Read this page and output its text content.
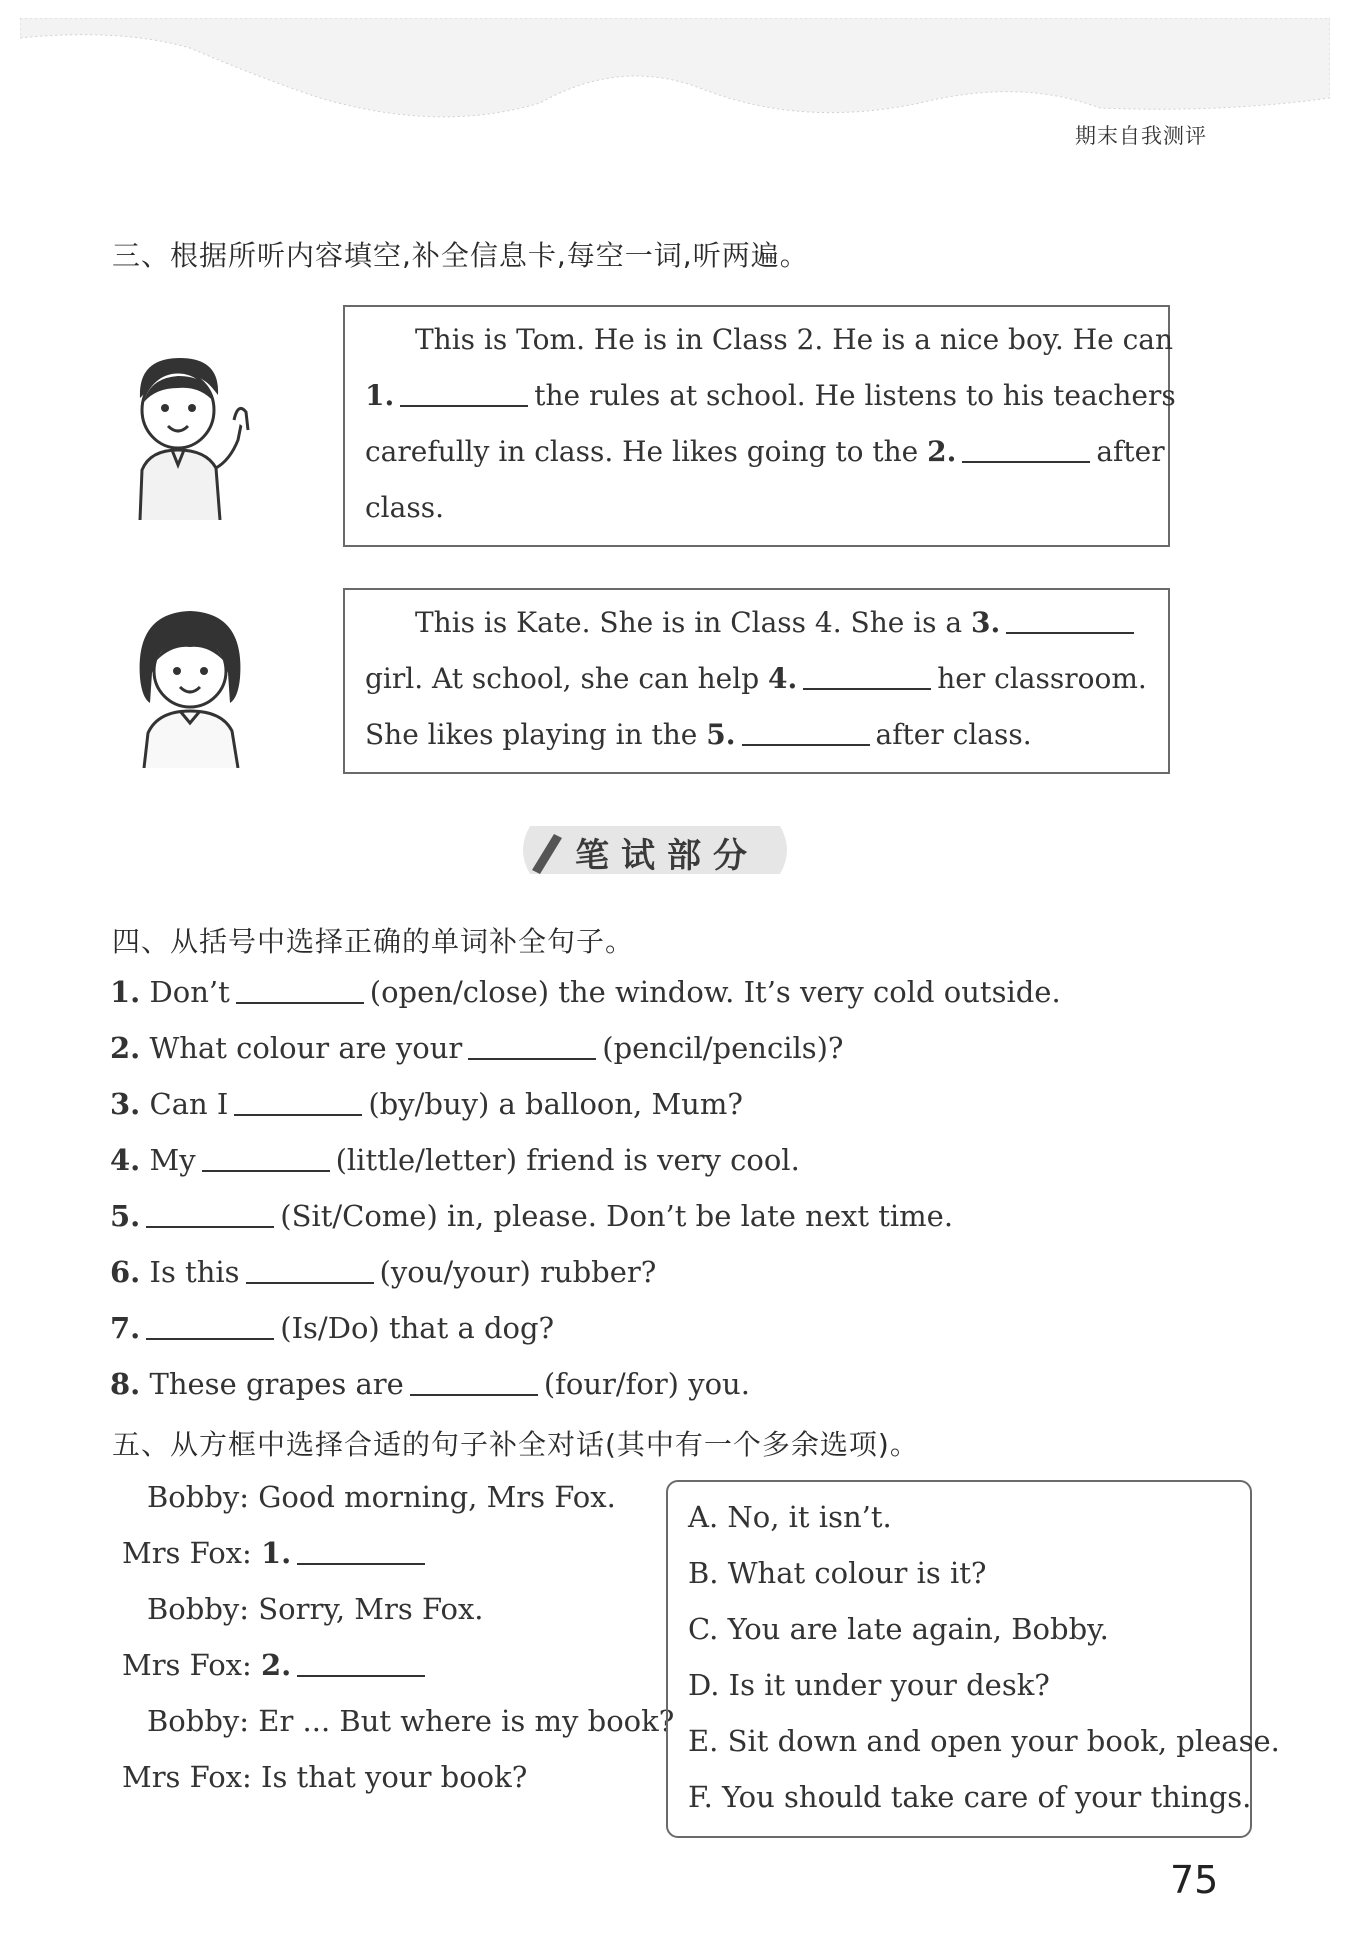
期末自我测评
三、根据所听内容填空,补全信息卡,每空一词,听两遍。

This is Tom. He is in Class 2. He is a nice boy. He can

1.	the rules at school. He listens to his teachers

carefully in class. He likes going to the 2.	after

class.

This is Kate. She is in Class 4. She is a 3.

girl. At school, she can help 4.	her classroom.

She likes playing in the 5.	after class.

笔试部分
四、从括号中选择正确的单词补全句子。
1. Don’t	(open/close) the window. It’s very cold outside.
2. What colour are your	(pencil/pencils)?
3. Can I	(by/buy) a balloon, Mum?
4. My	(little/letter) friend is very cool.
5.	(Sit/Come) in, please. Don’t be late next time.
6. Is this	(you/your) rubber?
7.	(Is/Do) that a dog?
8. These grapes are	(four/for) you.
五、从方框中选择合适的句子补全对话(其中有一个多余选项)。
Bobby: Good morning, Mrs Fox.
Mrs Fox: 1.
Bobby: Sorry, Mrs Fox.
Mrs Fox: 2.
Bobby: Er ... But where is my book?
Mrs Fox: Is that your book?
A. No, it isn’t.
B. What colour is it?
C. You are late again, Bobby.
D. Is it under your desk?
E. Sit down and open your book, please.
F. You should take care of your things.
75
